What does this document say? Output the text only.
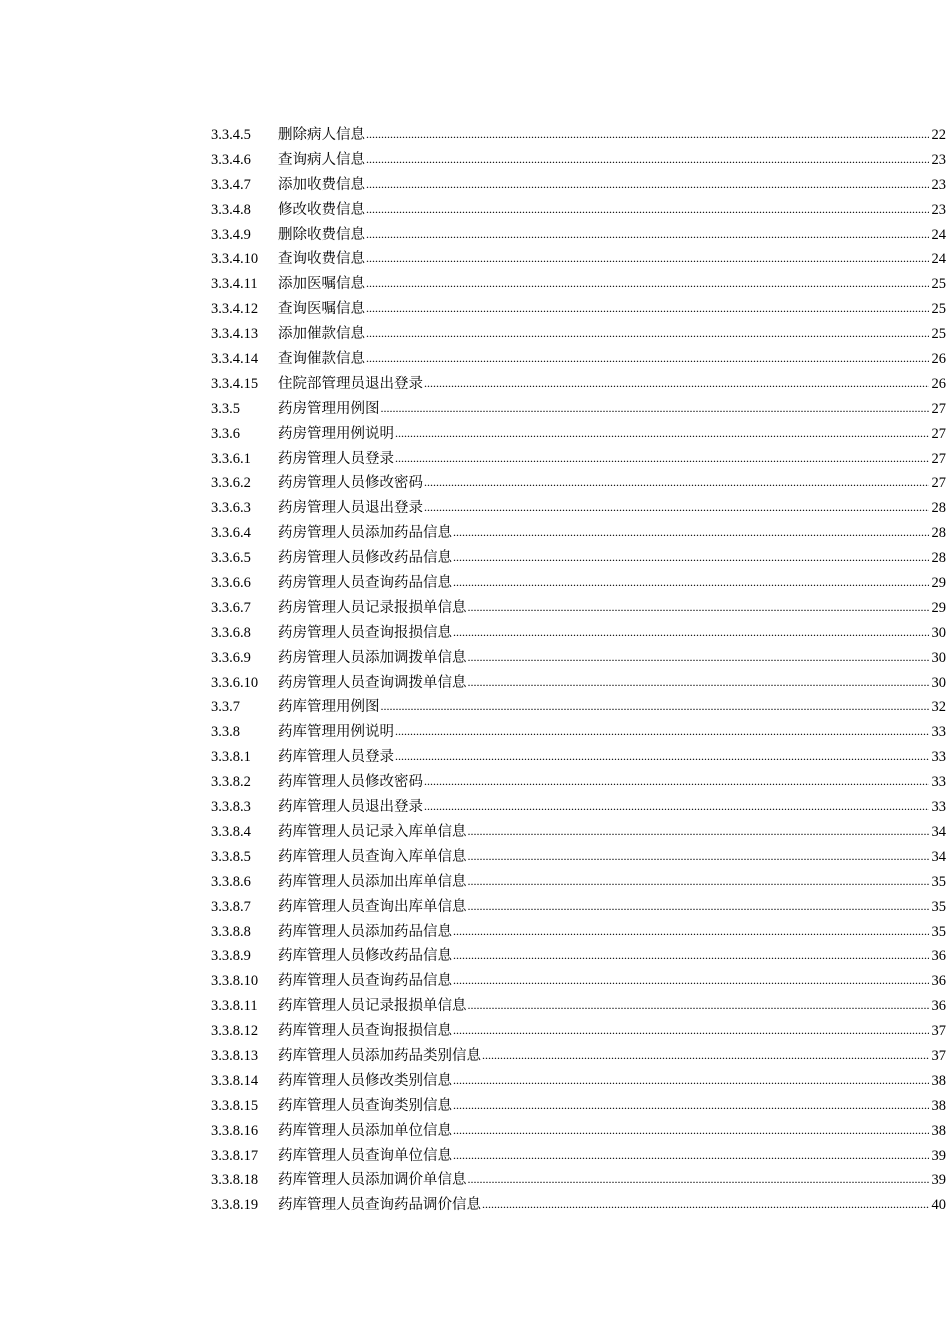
3.3.4.5	删除病人信息 .....	22
3.3.4.6	查询病人信息 .....	23
3.3.4.7	添加收费信息 .....	23
3.3.4.8	修改收费信息 .....	23
3.3.4.9	删除收费信息 .....	24
3.3.4.10	查询收费信息 .....	24
3.3.4.11	添加医嘱信息 .....	25
3.3.4.12	查询医嘱信息 .....	25
3.3.4.13	添加催款信息 .....	25
3.3.4.14	查询催款信息 .....	26
3.3.4.15	住院部管理员退出登录 .....	26
3.3.5	药房管理用例图 .....	27
3.3.6	药房管理用例说明 .....	27
3.3.6.1	药房管理人员登录 .....	27
3.3.6.2	药房管理人员修改密码 .....	27
3.3.6.3	药房管理人员退出登录 .....	28
3.3.6.4	药房管理人员添加药品信息 .....	28
3.3.6.5	药房管理人员修改药品信息 .....	28
3.3.6.6	药房管理人员查询药品信息 .....	29
3.3.6.7	药房管理人员记录报损单信息 .....	29
3.3.6.8	药房管理人员查询报损信息 .....	30
3.3.6.9	药房管理人员添加调拨单信息 .....	30
3.3.6.10	药房管理人员查询调拨单信息 .....	30
3.3.7	药库管理用例图 .....	32
3.3.8	药库管理用例说明 .....	33
3.3.8.1	药库管理人员登录 .....	33
3.3.8.2	药库管理人员修改密码 .....	33
3.3.8.3	药库管理人员退出登录 .....	33
3.3.8.4	药库管理人员记录入库单信息 .....	34
3.3.8.5	药库管理人员查询入库单信息 .....	34
3.3.8.6	药库管理人员添加出库单信息 .....	35
3.3.8.7	药库管理人员查询出库单信息 .....	35
3.3.8.8	药库管理人员添加药品信息 .....	35
3.3.8.9	药库管理人员修改药品信息 .....	36
3.3.8.10	药库管理人员查询药品信息 .....	36
3.3.8.11	药库管理人员记录报损单信息 .....	36
3.3.8.12	药库管理人员查询报损信息 .....	37
3.3.8.13	药库管理人员添加药品类别信息 .....	37
3.3.8.14	药库管理人员修改类别信息 .....	38
3.3.8.15	药库管理人员查询类别信息 .....	38
3.3.8.16	药库管理人员添加单位信息 .....	38
3.3.8.17	药库管理人员查询单位信息 .....	39
3.3.8.18	药库管理人员添加调价单信息 .....	39
3.3.8.19	药库管理人员查询药品调价信息 .....	40
